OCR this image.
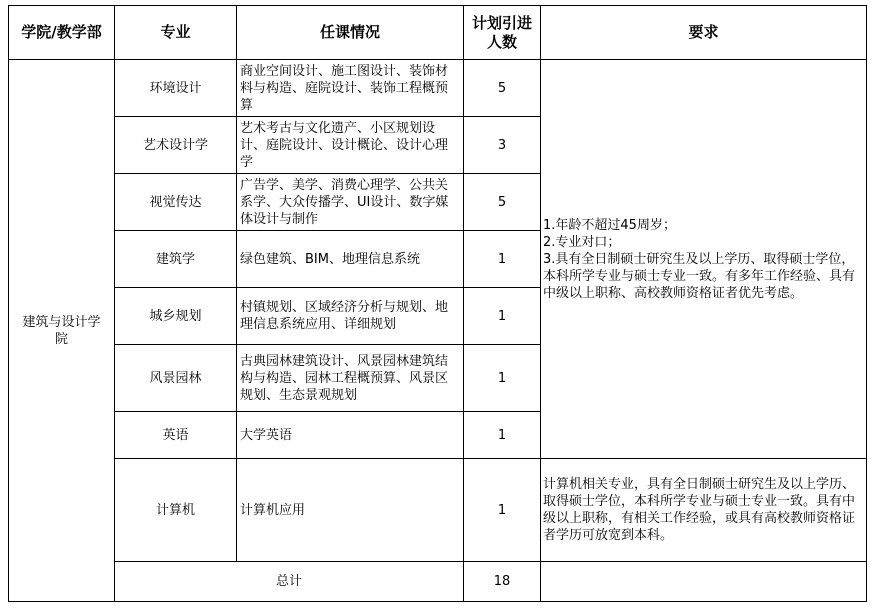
学院/教学部	专业	任课情况	计划引进人数	要求
建筑与设计学院	环境设计	商业空间设计、施工图设计、装饰材料与构造、庭院设计、装饰工程概预算	5	1.年龄不超过45周岁；
2.专业对口；
3.具有全日制硕士研究生及以上学历、取得硕士学位，本科所学专业与硕士专业一致。有多年工作经验、具有中级以上职称、高校教师资格证者优先考虑。
	艺术设计学	艺术考古与文化遗产、小区规划设计、庭院设计、设计概论、设计心理学	3	
	视觉传达	广告学、美学、消费心理学、公共关系学、大众传播学、UI设计、数字媒体设计与制作	5	
	建筑学	绿色建筑、BIM、地理信息系统	1	
	城乡规划	村镇规划、区域经济分析与规划、地理信息系统应用、详细规划	1	
	风景园林	古典园林建筑设计、风景园林建筑结构与构造、园林工程概预算、风景区规划、生态景观规划	1	
	英语	大学英语	1	
	计算机	计算机应用	1	计算机相关专业，具有全日制硕士研究生及以上学历、取得硕士学位，本科所学专业与硕士专业一致。具有中级以上职称，有相关工作经验，或具有高校教师资格证者学历可放宽到本科。
	总计		18	
